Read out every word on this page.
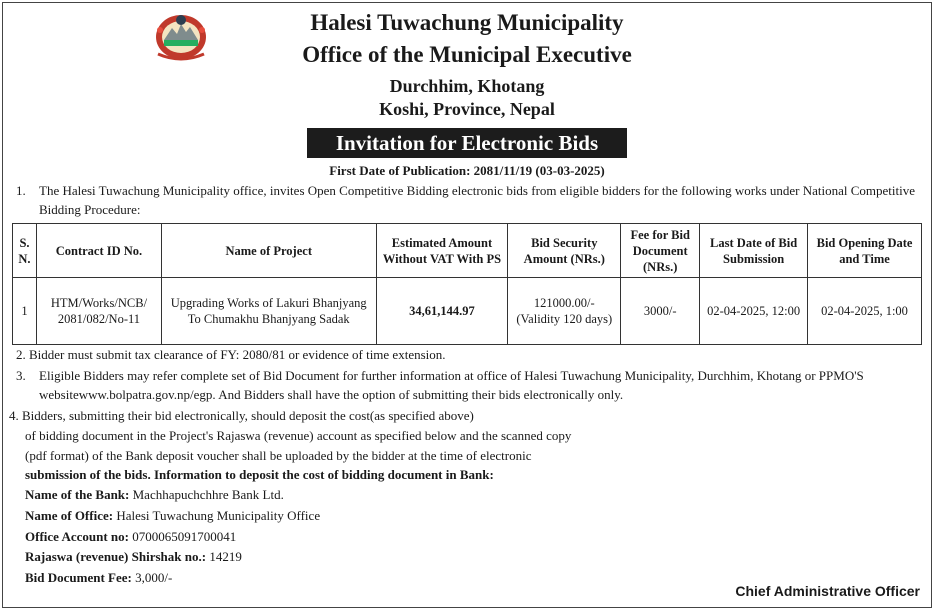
Halesi Tuwachung Municipality
Office of the Municipal Executive
Durchhim, Khotang
Koshi, Province, Nepal
Invitation for Electronic Bids
First Date of Publication: 2081/11/19 (03-03-2025)
1. The Halesi Tuwachung Municipality office, invites Open Competitive Bidding electronic bids from eligible bidders for the following works under National Competitive Bidding Procedure:
S. N.	Contract ID No.	Name of Project	Estimated Amount Without VAT With PS	Bid Security Amount (NRs.)	Fee for Bid Document (NRs.)	Last Date of Bid Submission	Bid Opening Date and Time
1	HTM/Works/NCB/ 2081/082/No-11	Upgrading Works of Lakuri Bhanjyang To Chumakhu Bhanjyang Sadak	34,61,144.97	121000.00/- (Validity 120 days)	3000/-	02-04-2025, 12:00	02-04-2025, 1:00
2. Bidder must submit tax clearance of FY: 2080/81 or evidence of time extension.
3. Eligible Bidders may refer complete set of Bid Document for further information at office of Halesi Tuwachung Municipality, Durchhim, Khotang or PPMO'S websitewww.bolpatra.gov.np/egp. And Bidders shall have the option of submitting their bids electronically only.
4. Bidders, submitting their bid electronically, should deposit the cost(as specified above)
of bidding document in the Project's Rajaswa (revenue) account as specified below and the scanned copy
(pdf format) of the Bank deposit voucher shall be uploaded by the bidder at the time of electronic
submission of the bids. Information to deposit the cost of bidding document in Bank:
Name of the Bank: Machhapuchchhre Bank Ltd.
Name of Office: Halesi Tuwachung Municipality Office
Office Account no: 0700065091700041
Rajaswa (revenue) Shirshak no.: 14219
Bid Document Fee: 3,000/-
Chief Administrative Officer
